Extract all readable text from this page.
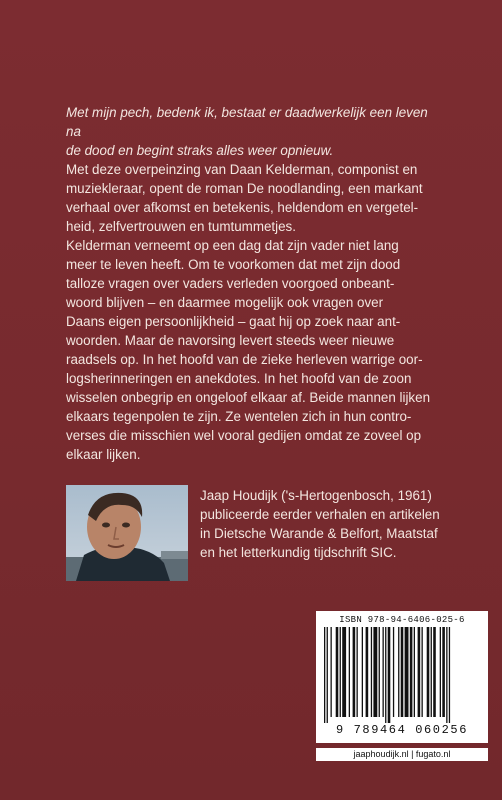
Met mijn pech, bedenk ik, bestaat er daadwerkelijk een leven na
de dood en begint straks alles weer opnieuw.

Met deze overpeinzing van Daan Kelderman, componist en
muziekleraar, opent de roman De noodlanding, een markant
verhaal over afkomst en betekenis, heldendom en vergetel-
heid, zelfvertrouwen en tumtummetjes.

Kelderman verneemt op een dag dat zijn vader niet lang
meer te leven heeft. Om te voorkomen dat met zijn dood
talloze vragen over vaders verleden voorgoed onbeant-
woord blijven – en daarmee mogelijk ook vragen over
Daans eigen persoonlijkheid – gaat hij op zoek naar ant-
woorden. Maar de navorsing levert steeds weer nieuwe
raadsels op. In het hoofd van de zieke herleven warrige oor-
logsherinneringen en anekdotes. In het hoofd van de zoon
wisselen onbegrip en ongeloof elkaar af. Beide mannen lijken
elkaars tegenpolen te zijn. Ze wentelen zich in hun contro-
verses die misschien wel vooral gedijen omdat ze zoveel op
elkaar lijken.

Jaap Houdijk ('s-Hertogenbosch, 1961)
publiceerde eerder verhalen en artikelen
in Dietsche Warande & Belfort, Maatstaf
en het letterkundig tijdschrift SIC.
ISBN 978-94-6406-025-6
9 789464 060256
jaaphoudijk.nl | fugato.nl
